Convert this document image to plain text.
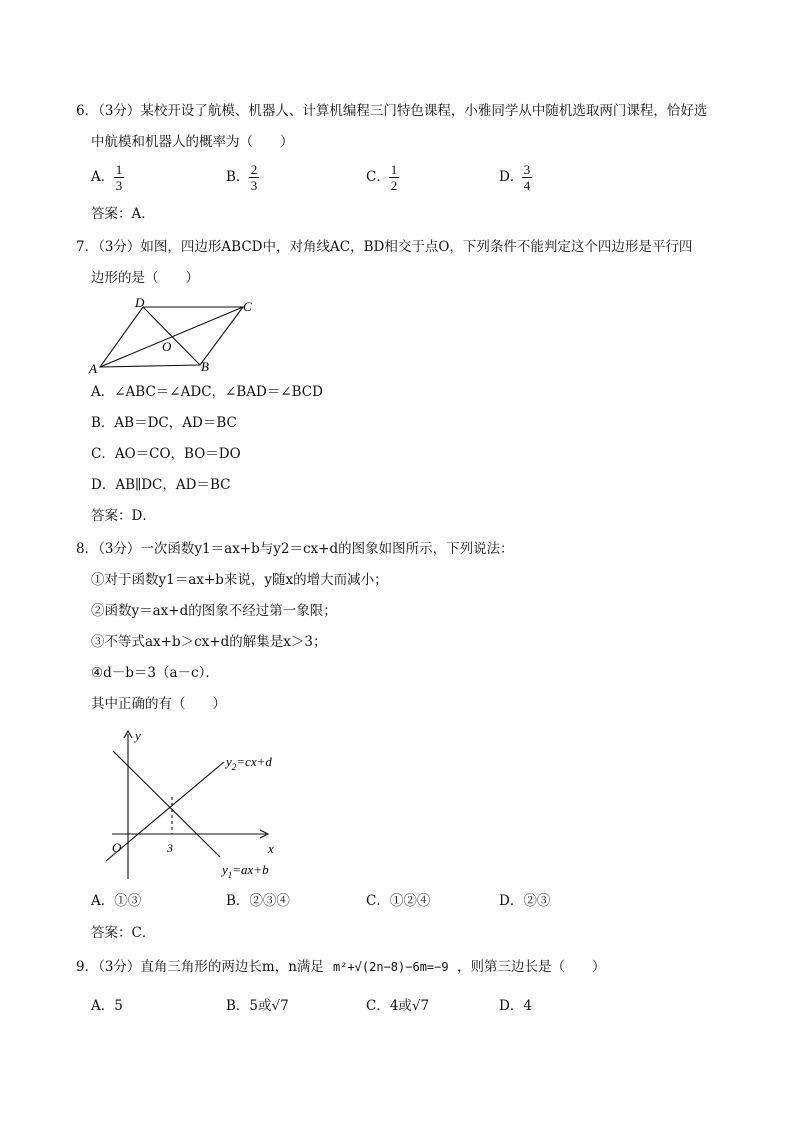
6．（3分）某校开设了航模、机器人、计算机编程三门特色课程，小雅同学从中随机选取两门课程，恰好选
中航模和机器人的概率为（　　）
A． 1
3
B． 2
3
C． 1
2
D． 3
4
答案：A．
7．（3分）如图，四边形ABCD中，对角线AC，BD相交于点O，下列条件不能判定这个四边形是平行四
边形的是（　　）
A	B
C
D
O
A．∠ABC＝∠ADC，∠BAD＝∠BCD
B．AB＝DC，AD＝BC
C．AO＝CO，BO＝DO
D．AB∥DC，AD＝BC
答案：D．
8．（3分）一次函数y1＝ax+b与y2＝cx+d的图象如图所示，下列说法：
①对于函数y1＝ax+b来说，y随x的增大而减小；
②函数y＝ax+d的图象不经过第一象限；
③不等式ax+b＞cx+d的解集是x＞3；
④d－b＝3（a－c）．
其中正确的有（　　）
y
x
O	3
$y_2=cx+d$
$y_1=ax+b$
A．①③	B．②③④	C．①②④	D．②③
答案：C．
9．（3分）直角三角形的两边长m，n满足 m²+√(2n−8)−6m=−9 ，则第三边长是（　　）
A．5	B．5或√7	C．4或√7	D．4
